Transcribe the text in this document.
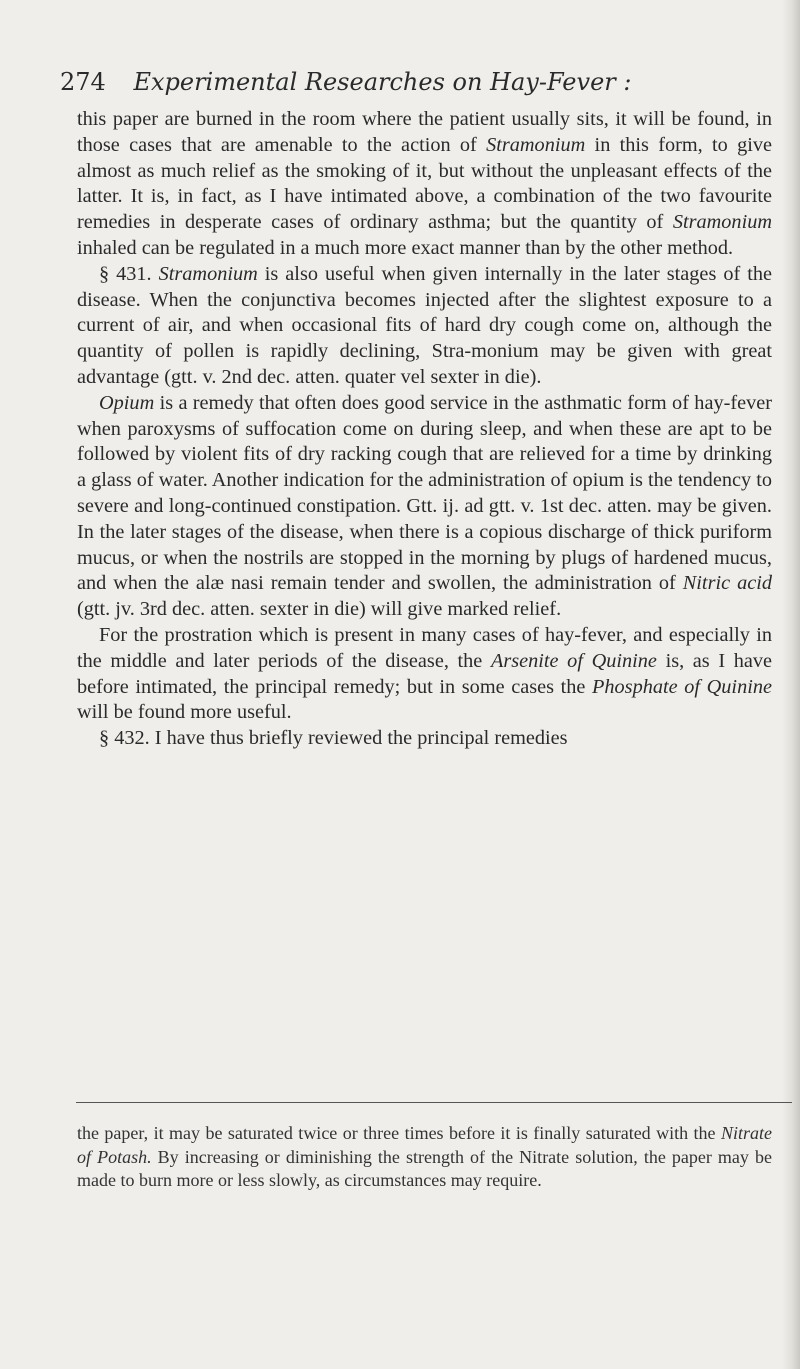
274 Experimental Researches on Hay-Fever :

this paper are burned in the room where the patient usually sits, it will be found, in those cases that are amenable to the action of Stramonium in this form, to give almost as much relief as the smoking of it, but without the unpleasant effects of the latter. It is, in fact, as I have intimated above, a combination of the two favourite remedies in desperate cases of ordinary asthma; but the quantity of Stramonium inhaled can be regulated in a much more exact manner than by the other method.

§ 431. Stramonium is also useful when given internally in the later stages of the disease. When the conjunctiva becomes injected after the slightest exposure to a current of air, and when occasional fits of hard dry cough come on, although the quantity of pollen is rapidly declining, Stra-monium may be given with great advantage (gtt. v. 2nd dec. atten. quater vel sexter in die).

Opium is a remedy that often does good service in the asthmatic form of hay-fever when paroxysms of suffocation come on during sleep, and when these are apt to be followed by violent fits of dry racking cough that are relieved for a time by drinking a glass of water. Another indication for the administration of opium is the tendency to severe and long-continued constipation. Gtt. ij. ad gtt. v. 1st dec. atten. may be given. In the later stages of the disease, when there is a copious discharge of thick puriform mucus, or when the nostrils are stopped in the morning by plugs of hardened mucus, and when the alæ nasi remain tender and swollen, the administration of Nitric acid (gtt. jv. 3rd dec. atten. sexter in die) will give marked relief.

For the prostration which is present in many cases of hay-fever, and especially in the middle and later periods of the disease, the Arsenite of Quinine is, as I have before intimated, the principal remedy; but in some cases the Phosphate of Quinine will be found more useful.

§ 432. I have thus briefly reviewed the principal remedies

the paper, it may be saturated twice or three times before it is finally saturated with the Nitrate of Potash. By increasing or diminishing the strength of the Nitrate solution, the paper may be made to burn more or less slowly, as circumstances may require.
